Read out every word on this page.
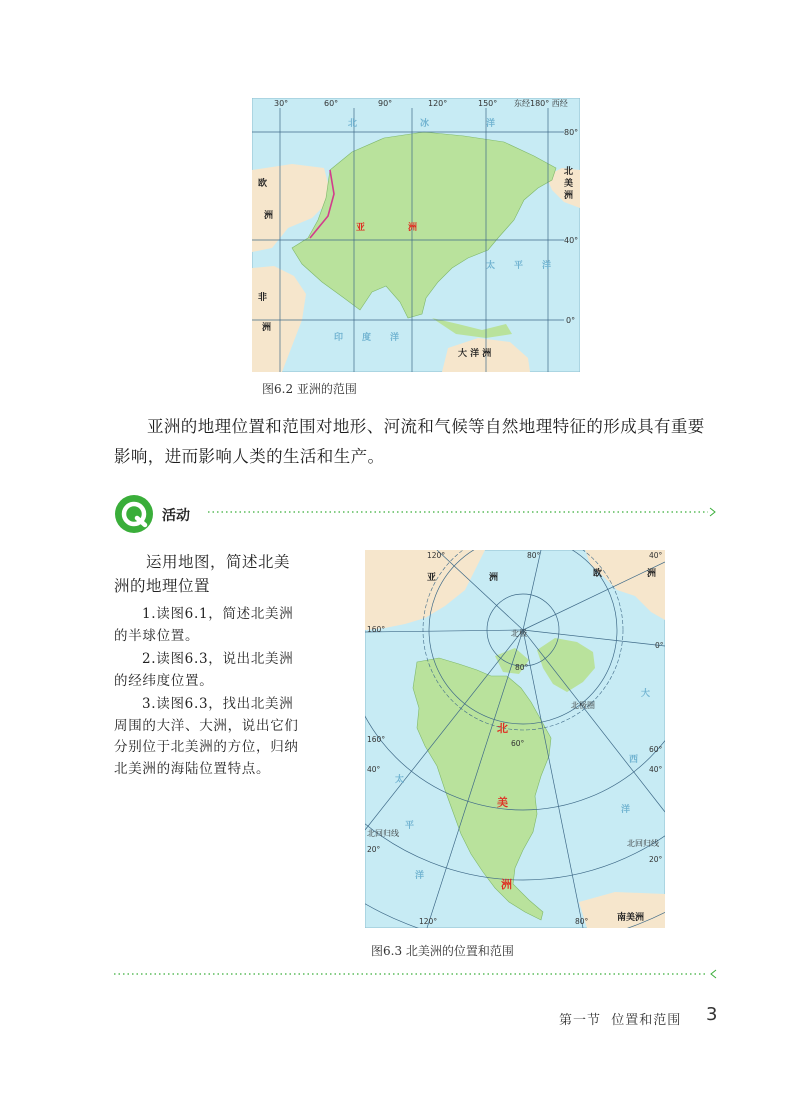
30°	60°	90°	120°	150° 东经180° 西经
80°
40°
0°
北	冰	洋
太 平 洋
印 度 洋
欧
洲
非
洲
北
美
洲
大 洋 洲
亚	洲
图6.2 亚洲的范围
亚洲的地理位置和范围对地形、河流和气候等自然地理特征的形成具有重要影响，进而影响人类的生活和生产。
活动
运用地图，简述北美洲的地理位置
1.读图6.1，简述北美洲的半球位置。
2.读图6.3，说出北美洲的经纬度位置。
3.读图6.3，找出北美洲周围的大洋、大洲，说出它们分别位于北美洲的方位，归纳北美洲的海陆位置特点。
120°	80°	40°
160°
0°
80°
60°
160°
40°	40°
60°
20°
20°
120°	80°
北极
北极圈
北回归线
北回归线
亚	洲	欧	洲
南美洲
北
美
洲
太
平
洋
大
西
洋
图6.3 北美洲的位置和范围
第一节  位置和范围 3
